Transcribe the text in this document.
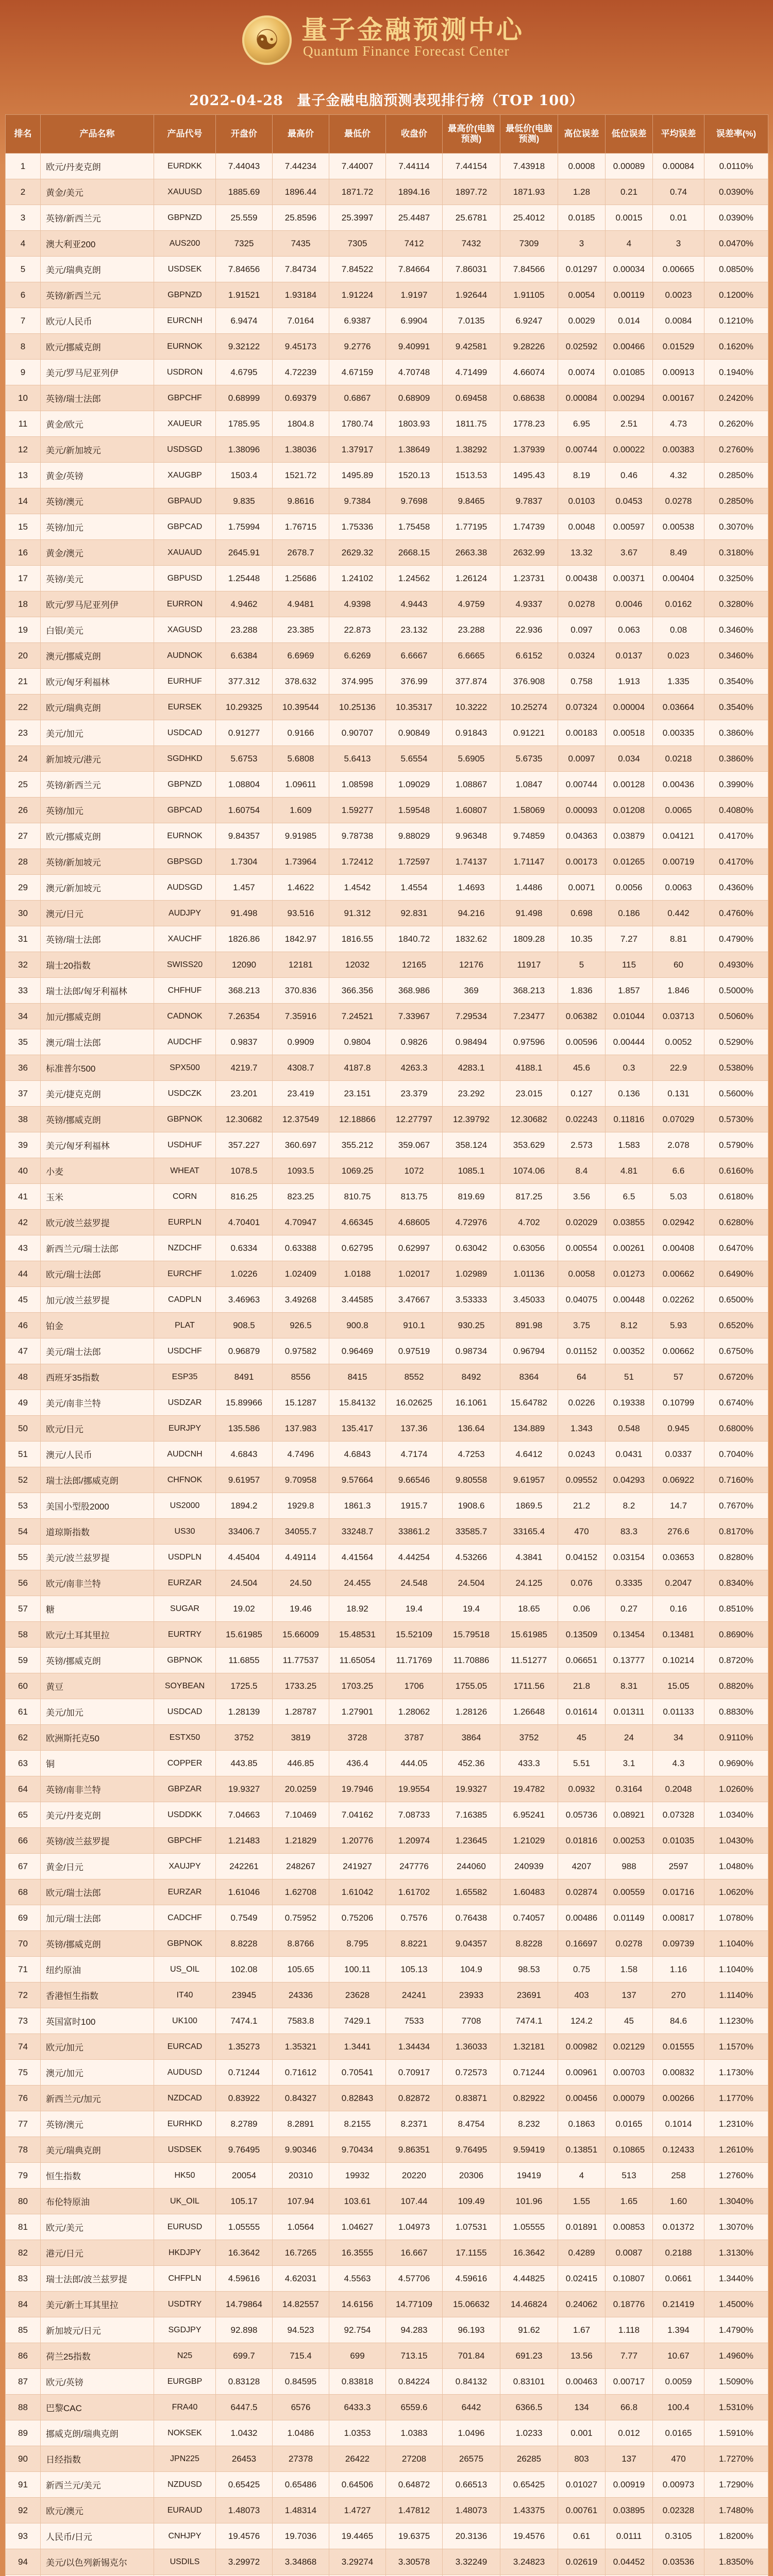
☯ 量子金融预测中心
Quantum Finance Forecast Center
2022-04-28 量子金融电脑预测表现排行榜（TOP 100）
排名	产品名称	产品代号	开盘价	最高价	最低价	收盘价	最高价(电脑预测)	最低价(电脑预测)	高位误差	低位误差	平均误差	误差率(%)
1	欧元/丹麦克朗	EURDKK	7.44043	7.44234	7.44007	7.44114	7.44154	7.43918	0.0008	0.00089	0.00084	0.0110%
2	黄金/美元	XAUUSD	1885.69	1896.44	1871.72	1894.16	1897.72	1871.93	1.28	0.21	0.74	0.0390%
3	英镑/新西兰元	GBPNZD	25.559	25.8596	25.3997	25.4487	25.6781	25.4012	0.0185	0.0015	0.01	0.0390%
4	澳大利亚200	AUS200	7325	7435	7305	7412	7432	7309	3	4	3	0.0470%
5	美元/瑞典克朗	USDSEK	7.84656	7.84734	7.84522	7.84664	7.86031	7.84566	0.01297	0.00034	0.00665	0.0850%
6	英镑/新西兰元	GBPNZD	1.91521	1.93184	1.91224	1.9197	1.92644	1.91105	0.0054	0.00119	0.0023	0.1200%
7	欧元/人民币	EURCNH	6.9474	7.0164	6.9387	6.9904	7.0135	6.9247	0.0029	0.014	0.0084	0.1210%
8	欧元/挪威克朗	EURNOK	9.32122	9.45173	9.2776	9.40991	9.42581	9.28226	0.02592	0.00466	0.01529	0.1620%
9	美元/罗马尼亚列伊	USDRON	4.6795	4.72239	4.67159	4.70748	4.71499	4.66074	0.0074	0.01085	0.00913	0.1940%
10	英镑/瑞士法郎	GBPCHF	0.68999	0.69379	0.6867	0.68909	0.69458	0.68638	0.00084	0.00294	0.00167	0.2420%
11	黄金/欧元	XAUEUR	1785.95	1804.8	1780.74	1803.93	1811.75	1778.23	6.95	2.51	4.73	0.2620%
12	美元/新加坡元	USDSGD	1.38096	1.38036	1.37917	1.38649	1.38292	1.37939	0.00744	0.00022	0.00383	0.2760%
13	黄金/英镑	XAUGBP	1503.4	1521.72	1495.89	1520.13	1513.53	1495.43	8.19	0.46	4.32	0.2850%
14	英镑/澳元	GBPAUD	9.835	9.8616	9.7384	9.7698	9.8465	9.7837	0.0103	0.0453	0.0278	0.2850%
15	英镑/加元	GBPCAD	1.75994	1.76715	1.75336	1.75458	1.77195	1.74739	0.0048	0.00597	0.00538	0.3070%
16	黄金/澳元	XAUAUD	2645.91	2678.7	2629.32	2668.15	2663.38	2632.99	13.32	3.67	8.49	0.3180%
17	英镑/美元	GBPUSD	1.25448	1.25686	1.24102	1.24562	1.26124	1.23731	0.00438	0.00371	0.00404	0.3250%
18	欧元/罗马尼亚列伊	EURRON	4.9462	4.9481	4.9398	4.9443	4.9759	4.9337	0.0278	0.0046	0.0162	0.3280%
19	白银/美元	XAGUSD	23.288	23.385	22.873	23.132	23.288	22.936	0.097	0.063	0.08	0.3460%
20	澳元/挪威克朗	AUDNOK	6.6384	6.6969	6.6269	6.6667	6.6665	6.6152	0.0324	0.0137	0.023	0.3460%
21	欧元/匈牙利福林	EURHUF	377.312	378.632	374.995	376.99	377.874	376.908	0.758	1.913	1.335	0.3540%
22	欧元/瑞典克朗	EURSEK	10.29325	10.39544	10.25136	10.35317	10.3222	10.25274	0.07324	0.00004	0.03664	0.3540%
23	美元/加元	USDCAD	0.91277	0.9166	0.90707	0.90849	0.91843	0.91221	0.00183	0.00518	0.00335	0.3860%
24	新加坡元/港元	SGDHKD	5.6753	5.6808	5.6413	5.6554	5.6905	5.6735	0.0097	0.034	0.0218	0.3860%
25	英镑/新西兰元	GBPNZD	1.08804	1.09611	1.08598	1.09029	1.08867	1.0847	0.00744	0.00128	0.00436	0.3990%
26	英镑/加元	GBPCAD	1.60754	1.609	1.59277	1.59548	1.60807	1.58069	0.00093	0.01208	0.0065	0.4080%
27	欧元/挪威克朗	EURNOK	9.84357	9.91985	9.78738	9.88029	9.96348	9.74859	0.04363	0.03879	0.04121	0.4170%
28	英镑/新加坡元	GBPSGD	1.7304	1.73964	1.72412	1.72597	1.74137	1.71147	0.00173	0.01265	0.00719	0.4170%
29	澳元/新加坡元	AUDSGD	1.457	1.4622	1.4542	1.4554	1.4693	1.4486	0.0071	0.0056	0.0063	0.4360%
30	澳元/日元	AUDJPY	91.498	93.516	91.312	92.831	94.216	91.498	0.698	0.186	0.442	0.4760%
31	英镑/瑞士法郎	XAUCHF	1826.86	1842.97	1816.55	1840.72	1832.62	1809.28	10.35	7.27	8.81	0.4790%
32	瑞士20指数	SWISS20	12090	12181	12032	12165	12176	11917	5	115	60	0.4930%
33	瑞士法郎/匈牙利福林	CHFHUF	368.213	370.836	366.356	368.986	369	368.213	1.836	1.857	1.846	0.5000%
34	加元/挪威克朗	CADNOK	7.26354	7.35916	7.24521	7.33967	7.29534	7.23477	0.06382	0.01044	0.03713	0.5060%
35	澳元/瑞士法郎	AUDCHF	0.9837	0.9909	0.9804	0.9826	0.98494	0.97596	0.00596	0.00444	0.0052	0.5290%
36	标准普尔500	SPX500	4219.7	4308.7	4187.8	4263.3	4283.1	4188.1	45.6	0.3	22.9	0.5380%
37	美元/捷克克朗	USDCZK	23.201	23.419	23.151	23.379	23.292	23.015	0.127	0.136	0.131	0.5600%
38	英镑/挪威克朗	GBPNOK	12.30682	12.37549	12.18866	12.27797	12.39792	12.30682	0.02243	0.11816	0.07029	0.5730%
39	美元/匈牙利福林	USDHUF	357.227	360.697	355.212	359.067	358.124	353.629	2.573	1.583	2.078	0.5790%
40	小麦	WHEAT	1078.5	1093.5	1069.25	1072	1085.1	1074.06	8.4	4.81	6.6	0.6160%
41	玉米	CORN	816.25	823.25	810.75	813.75	819.69	817.25	3.56	6.5	5.03	0.6180%
42	欧元/波兰兹罗提	EURPLN	4.70401	4.70947	4.66345	4.68605	4.72976	4.702	0.02029	0.03855	0.02942	0.6280%
43	新西兰元/瑞士法郎	NZDCHF	0.6334	0.63388	0.62795	0.62997	0.63042	0.63056	0.00554	0.00261	0.00408	0.6470%
44	欧元/瑞士法郎	EURCHF	1.0226	1.02409	1.0188	1.02017	1.02989	1.01136	0.0058	0.01273	0.00662	0.6490%
45	加元/波兰兹罗提	CADPLN	3.46963	3.49268	3.44585	3.47667	3.53333	3.45033	0.04075	0.00448	0.02262	0.6500%
46	铂金	PLAT	908.5	926.5	900.8	910.1	930.25	891.98	3.75	8.12	5.93	0.6520%
47	美元/瑞士法郎	USDCHF	0.96879	0.97582	0.96469	0.97519	0.98734	0.96794	0.01152	0.00352	0.00662	0.6750%
48	西班牙35指数	ESP35	8491	8556	8415	8552	8492	8364	64	51	57	0.6720%
49	美元/南非兰特	USDZAR	15.89966	15.1287	15.84132	16.02625	16.1061	15.64782	0.0226	0.19338	0.10799	0.6740%
50	欧元/日元	EURJPY	135.586	137.983	135.417	137.36	136.64	134.889	1.343	0.548	0.945	0.6800%
51	澳元/人民币	AUDCNH	4.6843	4.7496	4.6843	4.7174	4.7253	4.6412	0.0243	0.0431	0.0337	0.7040%
52	瑞士法郎/挪威克朗	CHFNOK	9.61957	9.70958	9.57664	9.66546	9.80558	9.61957	0.09552	0.04293	0.06922	0.7160%
53	美国小型股2000	US2000	1894.2	1929.8	1861.3	1915.7	1908.6	1869.5	21.2	8.2	14.7	0.7670%
54	道琼斯指数	US30	33406.7	34055.7	33248.7	33861.2	33585.7	33165.4	470	83.3	276.6	0.8170%
55	美元/波兰兹罗提	USDPLN	4.45404	4.49114	4.41564	4.44254	4.53266	4.3841	0.04152	0.03154	0.03653	0.8280%
56	欧元/南非兰特	EURZAR	24.504	24.50	24.455	24.548	24.504	24.125	0.076	0.3335	0.2047	0.8340%
57	糖	SUGAR	19.02	19.46	18.92	19.4	19.4	18.65	0.06	0.27	0.16	0.8510%
58	欧元/土耳其里拉	EURTRY	15.61985	15.66009	15.48531	15.52109	15.79518	15.61985	0.13509	0.13454	0.13481	0.8690%
59	英镑/挪威克朗	GBPNOK	11.6855	11.77537	11.65054	11.71769	11.70886	11.51277	0.06651	0.13777	0.10214	0.8720%
60	黄豆	SOYBEAN	1725.5	1733.25	1703.25	1706	1755.05	1711.56	21.8	8.31	15.05	0.8820%
61	美元/加元	USDCAD	1.28139	1.28787	1.27901	1.28062	1.28126	1.26648	0.01614	0.01311	0.01133	0.8830%
62	欧洲斯托克50	ESTX50	3752	3819	3728	3787	3864	3752	45	24	34	0.9110%
63	铜	COPPER	443.85	446.85	436.4	444.05	452.36	433.3	5.51	3.1	4.3	0.9690%
64	英镑/南非兰特	GBPZAR	19.9327	20.0259	19.7946	19.9554	19.9327	19.4782	0.0932	0.3164	0.2048	1.0260%
65	美元/丹麦克朗	USDDKK	7.04663	7.10469	7.04162	7.08733	7.16385	6.95241	0.05736	0.08921	0.07328	1.0340%
66	英镑/波兰兹罗提	GBPCHF	1.21483	1.21829	1.20776	1.20974	1.23645	1.21029	0.01816	0.00253	0.01035	1.0430%
67	黄金/日元	XAUJPY	242261	248267	241927	247776	244060	240939	4207	988	2597	1.0480%
68	欧元/瑞士法郎	EURZAR	1.61046	1.62708	1.61042	1.61702	1.65582	1.60483	0.02874	0.00559	0.01716	1.0620%
69	加元/瑞士法郎	CADCHF	0.7549	0.75952	0.75206	0.7576	0.76438	0.74057	0.00486	0.01149	0.00817	1.0780%
70	英镑/挪威克朗	GBPNOK	8.8228	8.8766	8.795	8.8221	9.04357	8.8228	0.16697	0.0278	0.09739	1.1040%
71	纽约原油	US_OIL	102.08	105.65	100.11	105.13	104.9	98.53	0.75	1.58	1.16	1.1040%
72	香港恒生指数	IT40	23945	24336	23628	24241	23933	23691	403	137	270	1.1140%
73	英国富时100	UK100	7474.1	7583.8	7429.1	7533	7708	7474.1	124.2	45	84.6	1.1230%
74	欧元/加元	EURCAD	1.35273	1.35321	1.3441	1.34434	1.36033	1.32181	0.00982	0.02129	0.01555	1.1570%
75	澳元/加元	AUDUSD	0.71244	0.71612	0.70541	0.70917	0.72573	0.71244	0.00961	0.00703	0.00832	1.1730%
76	新西兰元/加元	NZDCAD	0.83922	0.84327	0.82843	0.82872	0.83871	0.82922	0.00456	0.00079	0.00266	1.1770%
77	英镑/澳元	EURHKD	8.2789	8.2891	8.2155	8.2371	8.4754	8.232	0.1863	0.0165	0.1014	1.2310%
78	美元/瑞典克朗	USDSEK	9.76495	9.90346	9.70434	9.86351	9.76495	9.59419	0.13851	0.10865	0.12433	1.2610%
79	恒生指数	HK50	20054	20310	19932	20220	20306	19419	4	513	258	1.2760%
80	布伦特原油	UK_OIL	105.17	107.94	103.61	107.44	109.49	101.96	1.55	1.65	1.60	1.3040%
81	欧元/美元	EURUSD	1.05555	1.0564	1.04627	1.04973	1.07531	1.05555	0.01891	0.00853	0.01372	1.3070%
82	港元/日元	HKDJPY	16.3642	16.7265	16.3555	16.667	17.1155	16.3642	0.4289	0.0087	0.2188	1.3130%
83	瑞士法郎/波兰兹罗提	CHFPLN	4.59616	4.62031	4.5563	4.57706	4.59616	4.44825	0.02415	0.10807	0.0661	1.3440%
84	美元/新土耳其里拉	USDTRY	14.79864	14.82557	14.6156	14.77109	15.06632	14.46824	0.24062	0.18776	0.21419	1.4500%
85	新加坡元/日元	SGDJPY	92.898	94.523	92.754	94.283	96.193	91.62	1.67	1.118	1.394	1.4790%
86	荷兰25指数	N25	699.7	715.4	699	713.15	701.84	691.23	13.56	7.77	10.67	1.4960%
87	欧元/英镑	EURGBP	0.83128	0.84595	0.83818	0.84224	0.84132	0.83101	0.00463	0.00717	0.0059	1.5090%
88	巴黎CAC	FRA40	6447.5	6576	6433.3	6559.6	6442	6366.5	134	66.8	100.4	1.5310%
89	挪威克朗/瑞典克朗	NOKSEK	1.0432	1.0486	1.0353	1.0383	1.0496	1.0233	0.001	0.012	0.0165	1.5910%
90	日经指数	JPN225	26453	27378	26422	27208	26575	26285	803	137	470	1.7270%
91	新西兰元/美元	NZDUSD	0.65425	0.65486	0.64506	0.64872	0.66513	0.65425	0.01027	0.00919	0.00973	1.7290%
92	欧元/澳元	EURAUD	1.48073	1.48314	1.4727	1.47812	1.48073	1.43375	0.00761	0.03895	0.02328	1.7480%
93	人民币/日元	CNHJPY	19.4576	19.7036	19.4465	19.6375	20.3136	19.4576	0.61	0.0111	0.3105	1.8200%
94	美元/以色列新锡克尔	USDILS	3.29972	3.34868	3.29274	3.30578	3.32249	3.24823	0.02619	0.04452	0.03536	1.8350%
